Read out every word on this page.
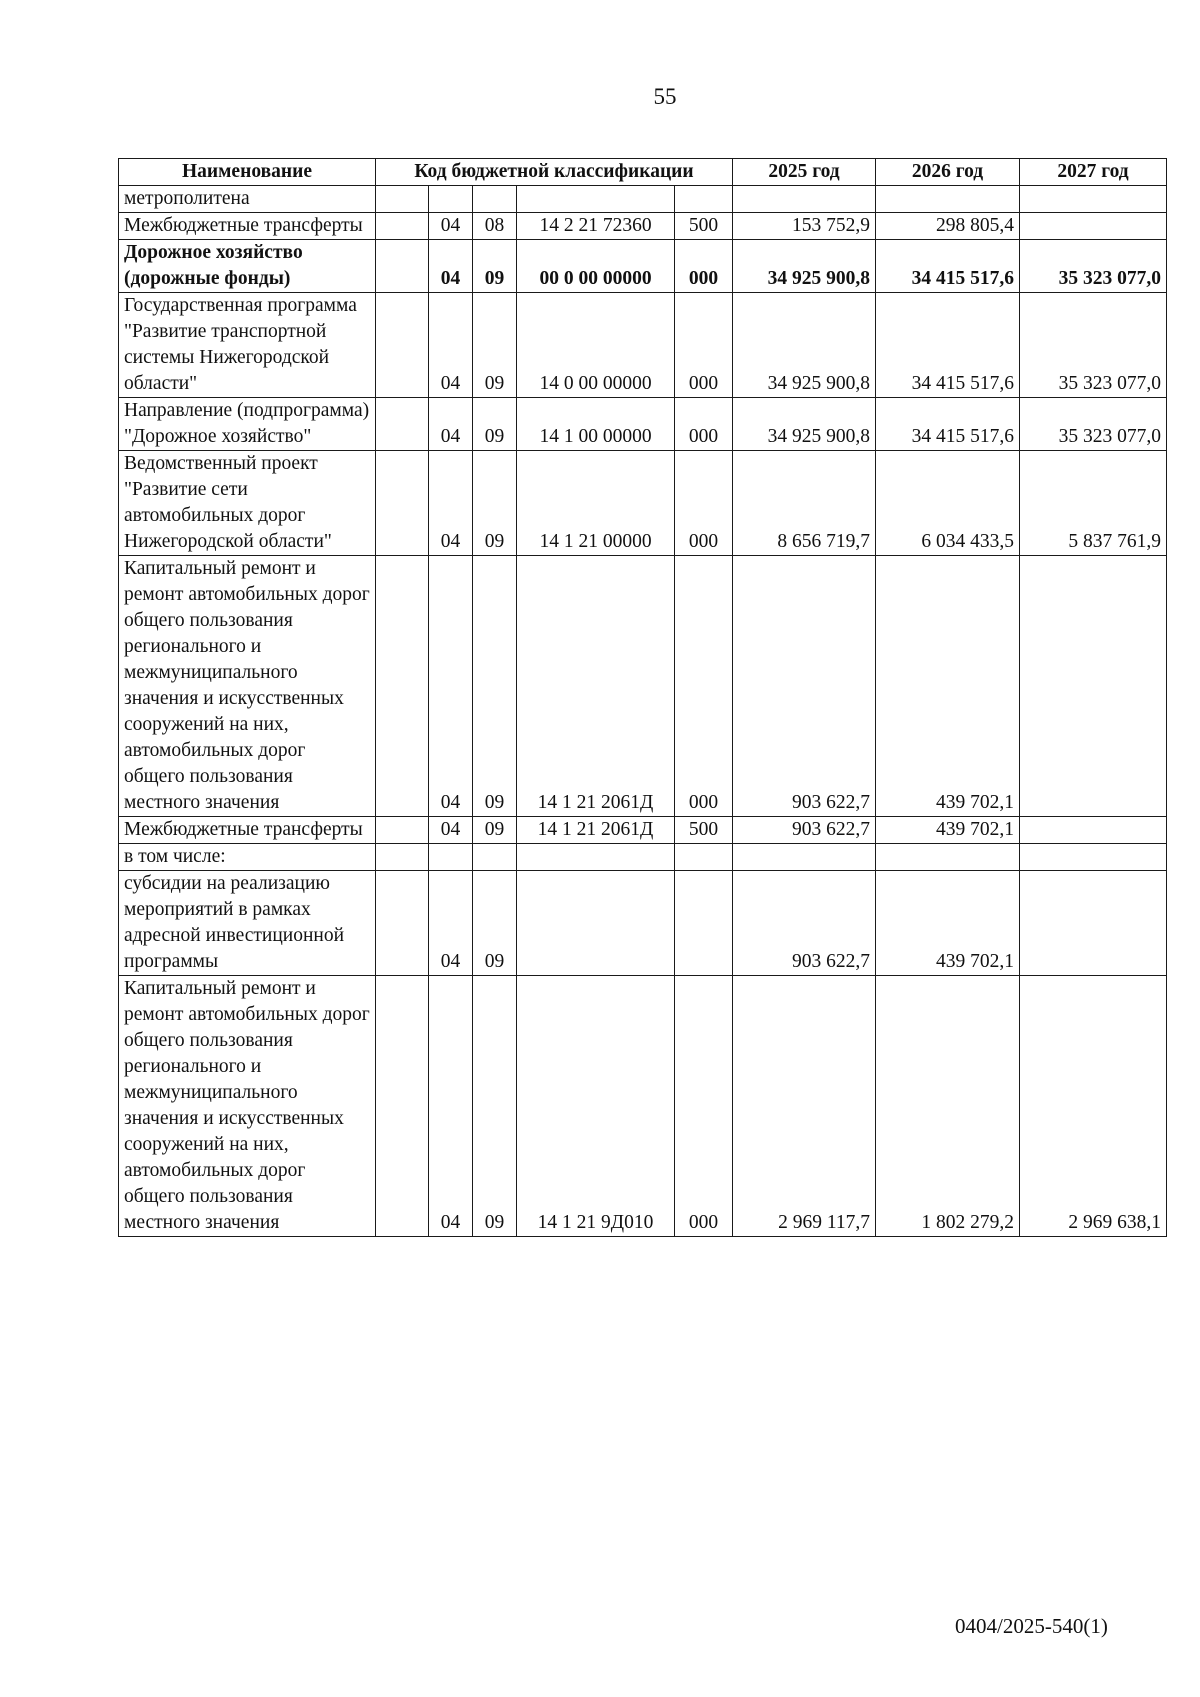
55
Наименование	Код бюджетной классификации					2025 год	2026 год	2027 год
метрополитена								
Межбюджетные трансферты		04	08	14 2 21 72360	500	153 752,9	298 805,4	
Дорожное хозяйство (дорожные фонды)		04	09	00 0 00 00000	000	34 925 900,8	34 415 517,6	35 323 077,0
Государственная программа "Развитие транспортной системы Нижегородской области"		04	09	14 0 00 00000	000	34 925 900,8	34 415 517,6	35 323 077,0
Направление (подпрограмма) "Дорожное хозяйство"		04	09	14 1 00 00000	000	34 925 900,8	34 415 517,6	35 323 077,0
Ведомственный проект "Развитие сети автомобильных дорог Нижегородской области"		04	09	14 1 21 00000	000	8 656 719,7	6 034 433,5	5 837 761,9
Капитальный ремонт и ремонт автомобильных дорог общего пользования регионального и межмуниципального значения и искусственных сооружений на них, автомобильных дорог общего пользования местного значения		04	09	14 1 21 2061Д	000	903 622,7	439 702,1	
Межбюджетные трансферты		04	09	14 1 21 2061Д	500	903 622,7	439 702,1	
в том числе:								
субсидии на реализацию мероприятий в рамках адресной инвестиционной программы		04	09			903 622,7	439 702,1	
Капитальный ремонт и ремонт автомобильных дорог общего пользования регионального и межмуниципального значения и искусственных сооружений на них, автомобильных дорог общего пользования местного значения		04	09	14 1 21 9Д010	000	2 969 117,7	1 802 279,2	2 969 638,1
0404/2025-540(1)
